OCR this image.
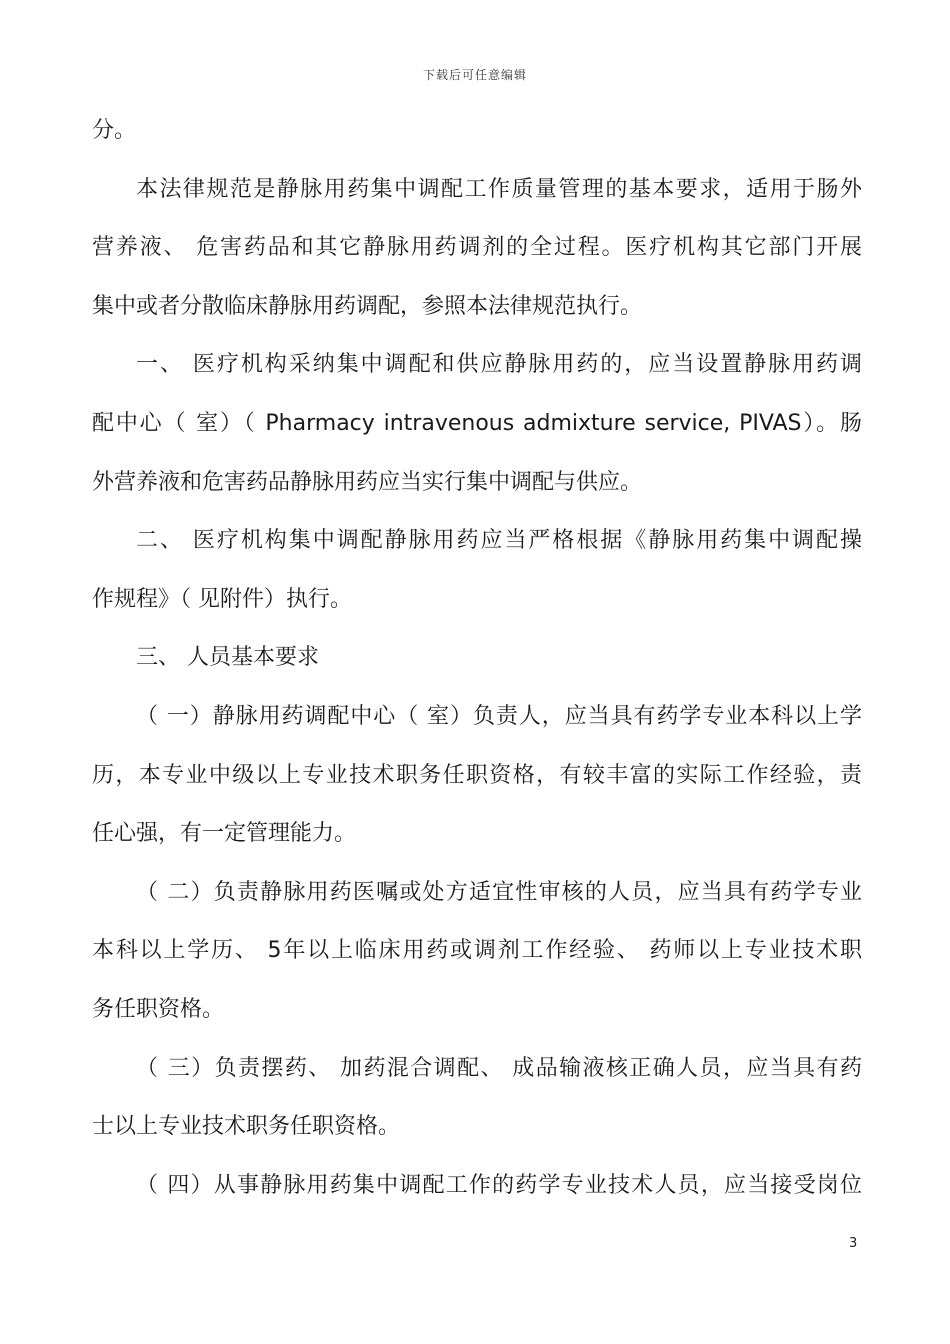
下载后可任意编辑
分。
本法律规范是静脉用药集中调配工作质量管理的基本要求，适用于肠外
营养液、 危害药品和其它静脉用药调剂的全过程。医疗机构其它部门开展
集中或者分散临床静脉用药调配，参照本法律规范执行。
一、 医疗机构采纳集中调配和供应静脉用药的，应当设置静脉用药调
配中心（ 室）（ Pharmacy intravenous admixture service, PIVAS）。肠
外营养液和危害药品静脉用药应当实行集中调配与供应。
二、 医疗机构集中调配静脉用药应当严格根据《静脉用药集中调配操
作规程》（ 见附件）执行。
三、 人员基本要求
（ 一）静脉用药调配中心（ 室）负责人，应当具有药学专业本科以上学
历，本专业中级以上专业技术职务任职资格，有较丰富的实际工作经验，责
任心强，有一定管理能力。
（ 二）负责静脉用药医嘱或处方适宜性审核的人员，应当具有药学专业
本科以上学历、 5年以上临床用药或调剂工作经验、 药师以上专业技术职
务任职资格。
（ 三）负责摆药、 加药混合调配、 成品输液核正确人员，应当具有药
士以上专业技术职务任职资格。
（ 四）从事静脉用药集中调配工作的药学专业技术人员，应当接受岗位
3
